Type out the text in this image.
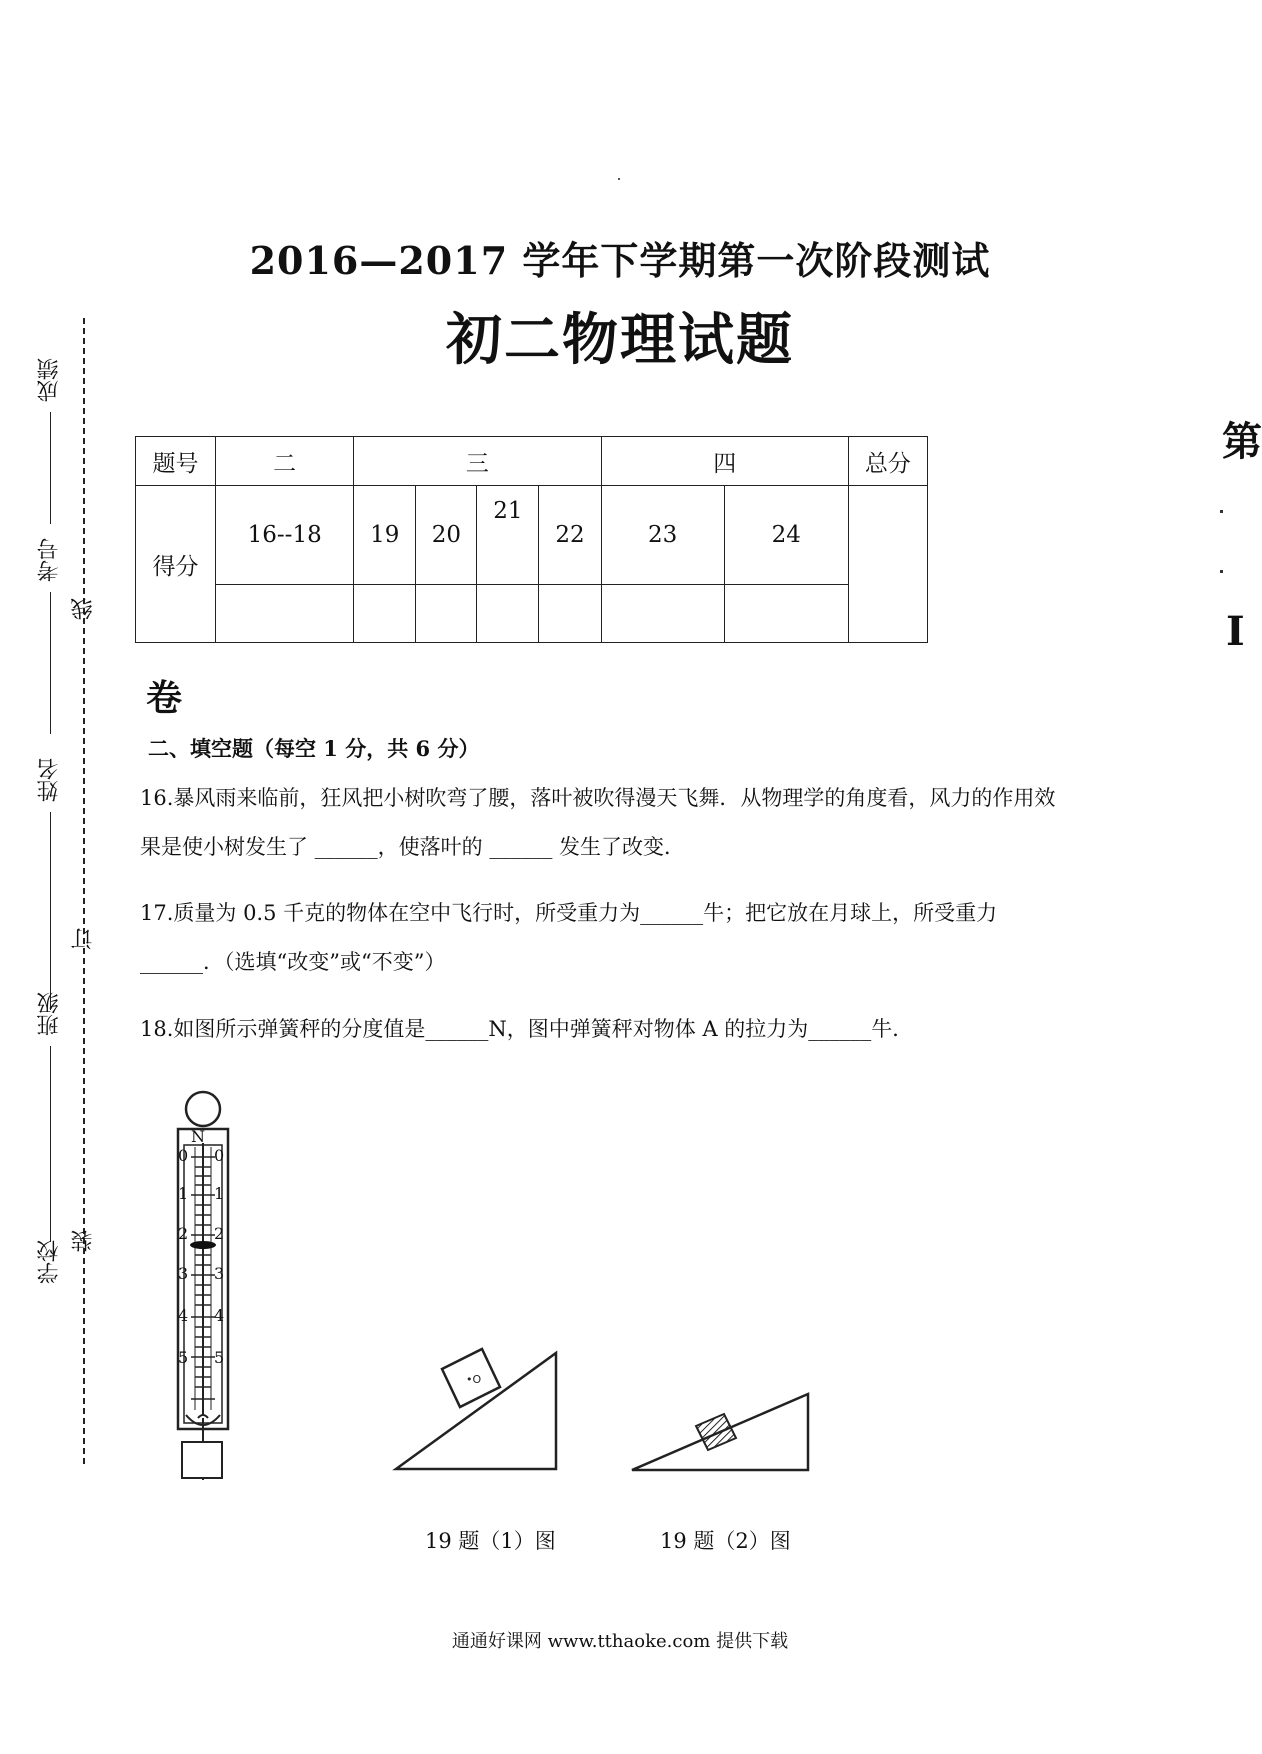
2016—2017 学年下学期第一次阶段测试
初二物理试题
第
I
成绩
考号
姓名
班级
学校
线
订
装
题号	二	三				四		总分
得分	16--18	19	20	21	22	23	24	

卷
二、填空题（每空 1 分，共 6 分）
16.暴风雨来临前，狂风把小树吹弯了腰，落叶被吹得漫天飞舞．从物理学的角度看，风力的作用效
果是使小树发生了 ______，使落叶的 ______ 发生了改变．
17.质量为 0.5 千克的物体在空中飞行时，所受重力为______牛；把它放在月球上，所受重力
______．（选填“改变”或“不变”）
18.如图所示弹簧秤的分度值是______N，图中弹簧秤对物体 A 的拉力为______牛．
N
0 0
1 1
2 2
3 3
4 4
5 5
•O
19 题（1）图	19 题（2）图
通通好课网 www.tthaoke.com 提供下载
